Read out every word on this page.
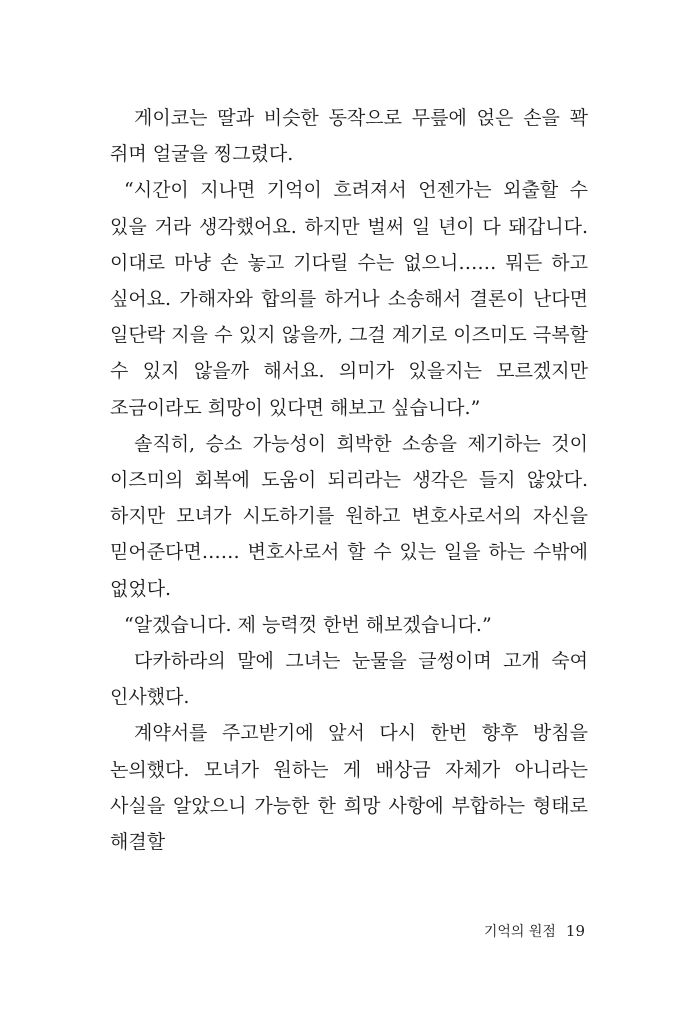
게이코는 딸과 비슷한 동작으로 무릎에 얹은 손을 꽉 쥐며 얼굴을 찡그렸다.

“시간이 지나면 기억이 흐려져서 언젠가는 외출할 수 있을 거라 생각했어요. 하지만 벌써 일 년이 다 돼갑니다. 이대로 마냥 손 놓고 기다릴 수는 없으니…… 뭐든 하고 싶어요. 가해자와 합의를 하거나 소송해서 결론이 난다면 일단락 지을 수 있지 않을까, 그걸 계기로 이즈미도 극복할 수 있지 않을까 해서요. 의미가 있을지는 모르겠지만 조금이라도 희망이 있다면 해보고 싶습니다.”

솔직히, 승소 가능성이 희박한 소송을 제기하는 것이 이즈미의 회복에 도움이 되리라는 생각은 들지 않았다. 하지만 모녀가 시도하기를 원하고 변호사로서의 자신을 믿어준다면…… 변호사로서 할 수 있는 일을 하는 수밖에 없었다.

“알겠습니다. 제 능력껏 한번 해보겠습니다.”

다카하라의 말에 그녀는 눈물을 글썽이며 고개 숙여 인사했다.

계약서를 주고받기에 앞서 다시 한번 향후 방침을 논의했다. 모녀가 원하는 게 배상금 자체가 아니라는 사실을 알았으니 가능한 한 희망 사항에 부합하는 형태로 해결할

기억의 원점 19
